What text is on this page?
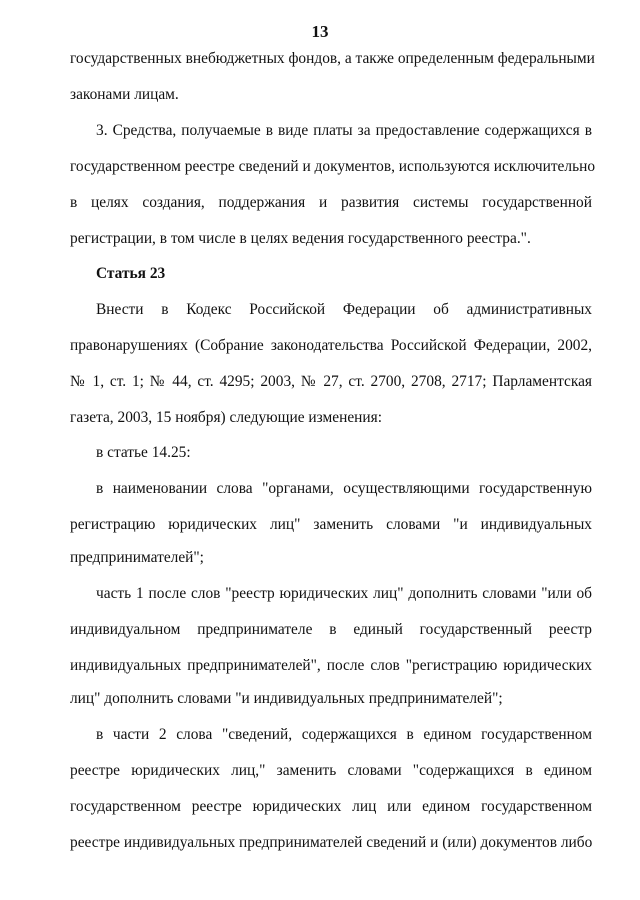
13
государственных внебюджетных фондов, а также определенным федеральными
законами лицам.
3. Средства, получаемые в виде платы за предоставление содержащихся в
государственном реестре сведений и документов, используются исключительно
в целях создания, поддержания и развития системы государственной
регистрации, в том числе в целях ведения государственного реестра.".
Статья 23
Внести в Кодекс Российской Федерации об административных
правонарушениях (Собрание законодательства Российской Федерации, 2002,
№ 1, ст. 1; № 44, ст. 4295; 2003, № 27, ст. 2700, 2708, 2717; Парламентская
газета, 2003, 15 ноября) следующие изменения:
в статье 14.25:
в наименовании слова "органами, осуществляющими государственную
регистрацию юридических лиц" заменить словами "и индивидуальных
предпринимателей";
часть 1 после слов "реестр юридических лиц" дополнить словами "или об
индивидуальном предпринимателе в единый государственный реестр
индивидуальных предпринимателей", после слов "регистрацию юридических
лиц" дополнить словами "и индивидуальных предпринимателей";
в части 2 слова "сведений, содержащихся в едином государственном
реестре юридических лиц," заменить словами "содержащихся в едином
государственном реестре юридических лиц или едином государственном
реестре индивидуальных предпринимателей сведений и (или) документов либо
